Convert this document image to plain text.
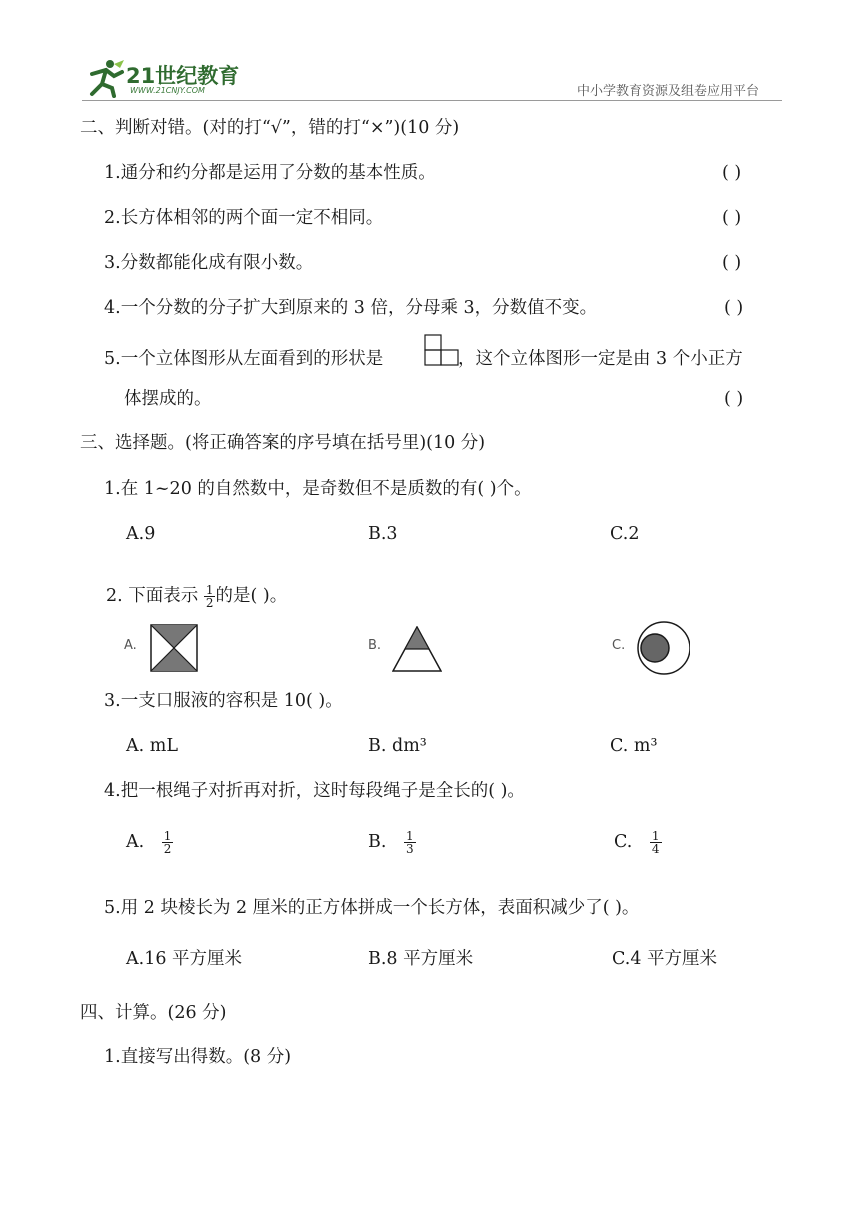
21世纪教育
WWW.21CNJY.COM	中小学教育资源及组卷应用平台
二、判断对错。(对的打“√”，错的打“×”)(10 分)
1.通分和约分都是运用了分数的基本性质。	( )
2.长方体相邻的两个面一定不相同。	( )
3.分数都能化成有限小数。	( )
4.一个分数的分子扩大到原来的 3 倍，分母乘 3，分数值不变。	( )
5.一个立体图形从左面看到的形状是	，这个立体图形一定是由 3 个小正方
体摆成的。	( )
三、选择题。(将正确答案的序号填在括号里)(10 分)
1.在 1~20 的自然数中，是奇数但不是质数的有( )个。
A.9	B.3	C.2
2. 下面表示 $\frac{1}{2}$ 的是( )。
A.	B.	C.
3.一支口服液的容积是 10( )。
A. mL	B. dm³	C. m³
4.把一根绳子对折再对折，这时每段绳子是全长的( )。
A. $\frac{1}{2}$	B. $\frac{1}{3}$	C. $\frac{1}{4}$
5.用 2 块棱长为 2 厘米的正方体拼成一个长方体，表面积减少了( )。
A.16 平方厘米	B.8 平方厘米	C.4 平方厘米
四、计算。(26 分)
1.直接写出得数。(8 分)
